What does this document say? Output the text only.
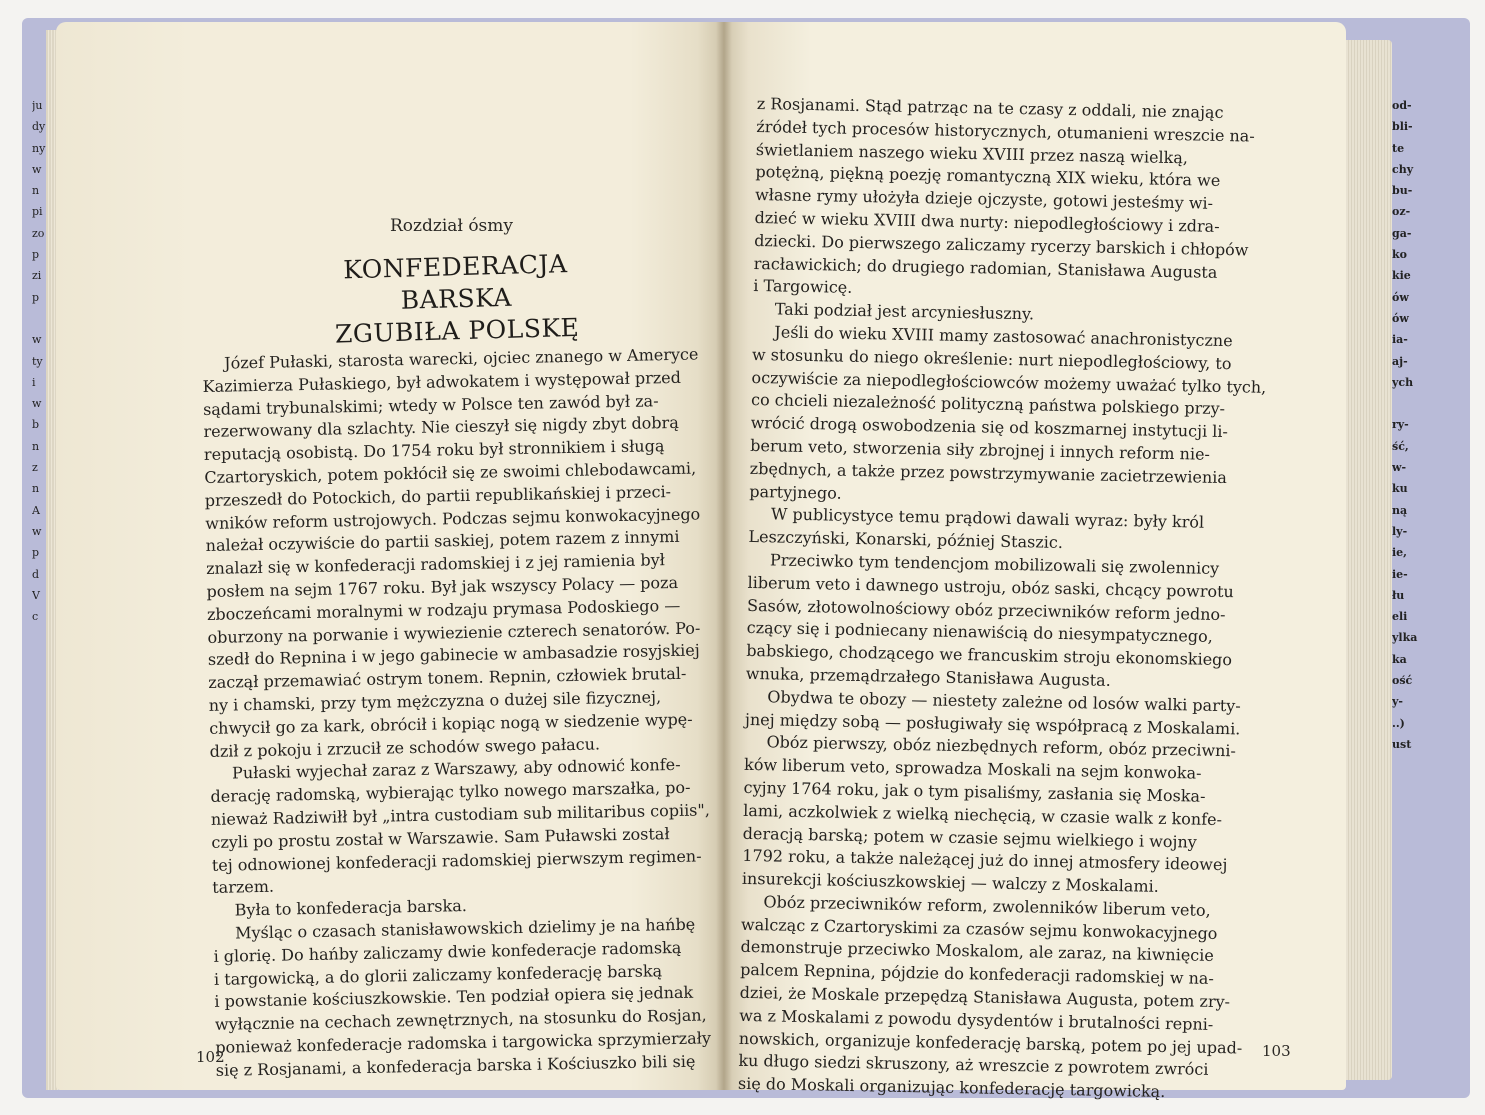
ju
dy
ny
w
n
pi
zo
p
zi
p
w
ty
i
w
b
n
z
n
A
w
p
d
V
c
od-
bli-
te
chy
bu-
oz-
ga-
ko
kie
ów
ów
ia-
aj-
ych
ry-
ść,
w-
ku
ną
ly-
ie,
ie-
łu
eli
ylka
ka
ość
y-
..)
ust
Rozdział ósmy
KONFEDERACJA BARSKA
ZGUBIŁA POLSKĘ
Józef Pułaski, starosta warecki, ojciec znanego w Ameryce
Kazimierza Pułaskiego, był adwokatem i występował przed
sądami trybunalskimi; wtedy w Polsce ten zawód był za-
rezerwowany dla szlachty. Nie cieszył się nigdy zbyt dobrą
reputacją osobistą. Do 1754 roku był stronnikiem i sługą
Czartoryskich, potem pokłócił się ze swoimi chlebodawcami,
przeszedł do Potockich, do partii republikańskiej i przeci-
wników reform ustrojowych. Podczas sejmu konwokacyjnego
należał oczywiście do partii saskiej, potem razem z innymi
znalazł się w konfederacji radomskiej i z jej ramienia był
posłem na sejm 1767 roku. Był jak wszyscy Polacy — poza
zboczeńcami moralnymi w rodzaju prymasa Podoskiego —
oburzony na porwanie i wywiezienie czterech senatorów. Po-
szedł do Repnina i w jego gabinecie w ambasadzie rosyjskiej
zaczął przemawiać ostrym tonem. Repnin, człowiek brutal-
ny i chamski, przy tym mężczyzna o dużej sile fizycznej,
chwycił go za kark, obrócił i kopiąc nogą w siedzenie wypę-
dził z pokoju i zrzucił ze schodów swego pałacu.
Pułaski wyjechał zaraz z Warszawy, aby odnowić konfe-
derację radomską, wybierając tylko nowego marszałka, po-
nieważ Radziwiłł był „intra custodiam sub militaribus copiis",
czyli po prostu został w Warszawie. Sam Puławski został
tej odnowionej konfederacji radomskiej pierwszym regimen-
tarzem.
Była to konfederacja barska.
Myśląc o czasach stanisławowskich dzielimy je na hańbę
i glorię. Do hańby zaliczamy dwie konfederacje radomską
i targowicką, a do glorii zaliczamy konfederację barską
i powstanie kościuszkowskie. Ten podział opiera się jednak
wyłącznie na cechach zewnętrznych, na stosunku do Rosjan,
ponieważ konfederacje radomska i targowicka sprzymierzały
się z Rosjanami, a konfederacja barska i Kościuszko bili się
z Rosjanami. Stąd patrząc na te czasy z oddali, nie znając
źródeł tych procesów historycznych, otumanieni wreszcie na-
świetlaniem naszego wieku XVIII przez naszą wielką,
potężną, piękną poezję romantyczną XIX wieku, która we
własne rymy ułożyła dzieje ojczyste, gotowi jesteśmy wi-
dzieć w wieku XVIII dwa nurty: niepodległościowy i zdra-
dziecki. Do pierwszego zaliczamy rycerzy barskich i chłopów
racławickich; do drugiego radomian, Stanisława Augusta
i Targowicę.
Taki podział jest arcyniesłuszny.
Jeśli do wieku XVIII mamy zastosować anachronistyczne
w stosunku do niego określenie: nurt niepodległościowy, to
oczywiście za niepodległościowców możemy uważać tylko tych,
co chcieli niezależność polityczną państwa polskiego przy-
wrócić drogą oswobodzenia się od koszmarnej instytucji li-
berum veto, stworzenia siły zbrojnej i innych reform nie-
zbędnych, a także przez powstrzymywanie zacietrzewienia
partyjnego.
W publicystyce temu prądowi dawali wyraz: były król
Leszczyński, Konarski, później Staszic.
Przeciwko tym tendencjom mobilizowali się zwolennicy
liberum veto i dawnego ustroju, obóz saski, chcący powrotu
Sasów, złotowolnościowy obóz przeciwników reform jedno-
czący się i podniecany nienawiścią do niesympatycznego,
babskiego, chodzącego we francuskim stroju ekonomskiego
wnuka, przemądrzałego Stanisława Augusta.
Obydwa te obozy — niestety zależne od losów walki party-
jnej między sobą — posługiwały się współpracą z Moskalami.
Obóz pierwszy, obóz niezbędnych reform, obóz przeciwni-
ków liberum veto, sprowadza Moskali na sejm konwoka-
cyjny 1764 roku, jak o tym pisaliśmy, zasłania się Moska-
lami, aczkolwiek z wielką niechęcią, w czasie walk z konfe-
deracją barską; potem w czasie sejmu wielkiego i wojny
1792 roku, a także należącej już do innej atmosfery ideowej
insurekcji kościuszkowskiej — walczy z Moskalami.
Obóz przeciwników reform, zwolenników liberum veto,
walcząc z Czartoryskimi za czasów sejmu konwokacyjnego
demonstruje przeciwko Moskalom, ale zaraz, na kiwnięcie
palcem Repnina, pójdzie do konfederacji radomskiej w na-
dziei, że Moskale przepędzą Stanisława Augusta, potem zry-
wa z Moskalami z powodu dysydentów i brutalności repni-
nowskich, organizuje konfederację barską, potem po jej upad-
ku długo siedzi skruszony, aż wreszcie z powrotem zwróci
się do Moskali organizując konfederację targowicką.
102	103
